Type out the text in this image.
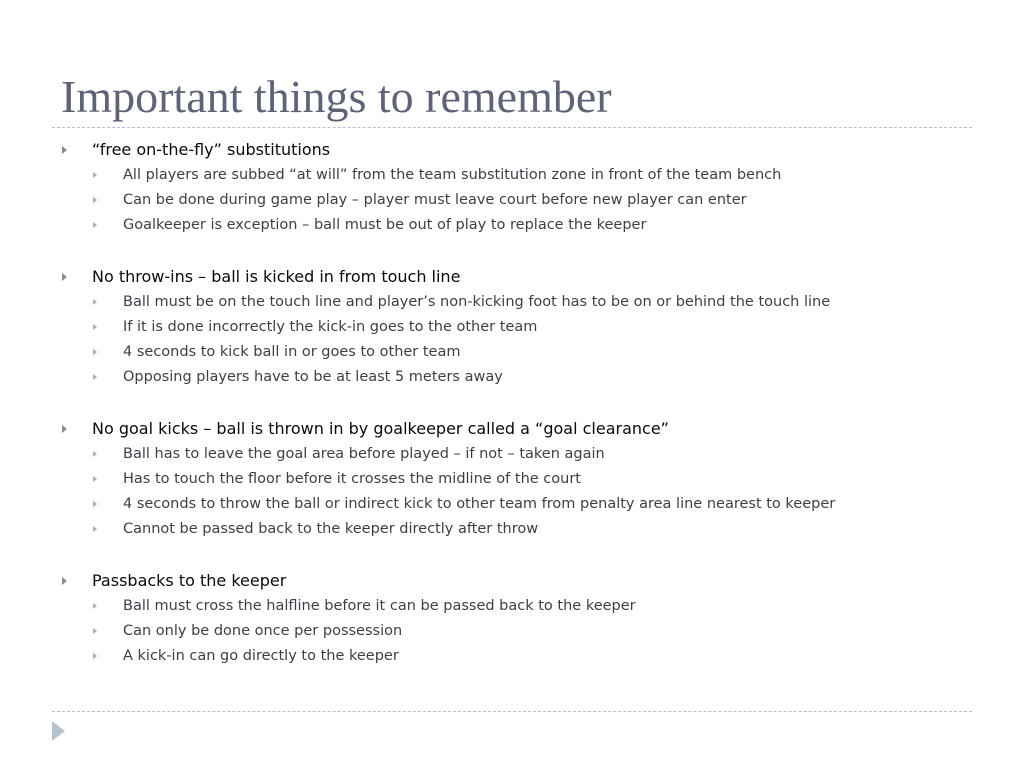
Important things to remember
“free on-the-fly” substitutions
All players are subbed “at will” from the team substitution zone in front of the team bench
Can be done during game play – player must leave court before new player can enter
Goalkeeper is exception – ball must be out of play to replace the keeper
No throw-ins – ball is kicked in from touch line
Ball must be on the touch line and player’s non-kicking foot has to be on or behind the touch line
If it is done incorrectly the kick-in goes to the other team
4 seconds to kick ball in or goes to other team
Opposing players have to be at least 5 meters away
No goal kicks – ball is thrown in by goalkeeper called a “goal clearance”
Ball has to leave the goal area before played – if not – taken again
Has to touch the floor before it crosses the midline of the court
4 seconds to throw the ball or indirect kick to other team from penalty area line nearest to keeper
Cannot be passed back to the keeper directly after throw
Passbacks to the keeper
Ball must cross the halfline before it can be passed back to the keeper
Can only be done once per possession
A kick-in can go directly to the keeper
